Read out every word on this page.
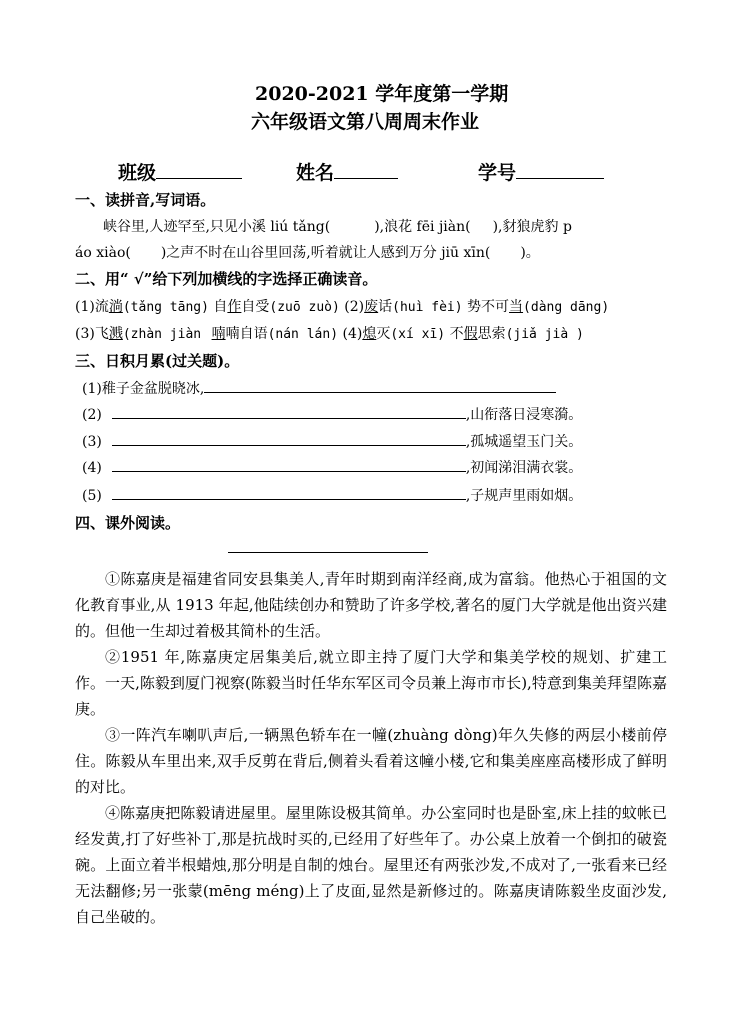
2020-2021 学年度第一学期
六年级语文第八周周末作业
班级	姓名	学号
一、读拼音,写词语。
峡谷里,人迹罕至,只见小溪 liú tǎng(	),浪花 fēi jiàn( ),豺狼虎豹 p
áo xiào( )之声不时在山谷里回荡,听着就让人感到万分 jiū xīn( )。
二、用“ √”给下列加横线的字选择正确读音。
(1)流淌(tǎng tāng) 自作自受(zuō zuò) (2)废话(huì fèi) 势不可当(dàng dāng)
(3)飞溅(zhàn jiàn 喃喃自语(nán lán) (4)熄灭(xí xī) 不假思索(jiǎ jià )
三、日积月累(过关题)。
(1)稚子金盆脱晓冰,
(2)	,山衔落日浸寒漪。
(3)	,孤城遥望玉门关。
(4)	,初闻涕泪满衣裳。
(5)	,子规声里雨如烟。
四、课外阅读。
①陈嘉庚是福建省同安县集美人,青年时期到南洋经商,成为富翁。他热心于祖国的文化教育事业,从 1913 年起,他陆续创办和赞助了许多学校,著名的厦门大学就是他出资兴建的。但他一生却过着极其简朴的生活。
②1951 年,陈嘉庚定居集美后,就立即主持了厦门大学和集美学校的规划、扩建工作。一天,陈毅到厦门视察(陈毅当时任华东军区司令员兼上海市市长),特意到集美拜望陈嘉庚。
③一阵汽车喇叭声后,一辆黑色轿车在一幢(zhuàng dòng)年久失修的两层小楼前停住。陈毅从车里出来,双手反剪在背后,侧着头看着这幢小楼,它和集美座座高楼形成了鲜明的对比。
④陈嘉庚把陈毅请进屋里。屋里陈设极其简单。办公室同时也是卧室,床上挂的蚊帐已经发黄,打了好些补丁,那是抗战时买的,已经用了好些年了。办公桌上放着一个倒扣的破瓷碗。上面立着半根蜡烛,那分明是自制的烛台。屋里还有两张沙发,不成对了,一张看来已经无法翻修;另一张蒙(mēng méng)上了皮面,显然是新修过的。陈嘉庚请陈毅坐皮面沙发,自己坐破的。
